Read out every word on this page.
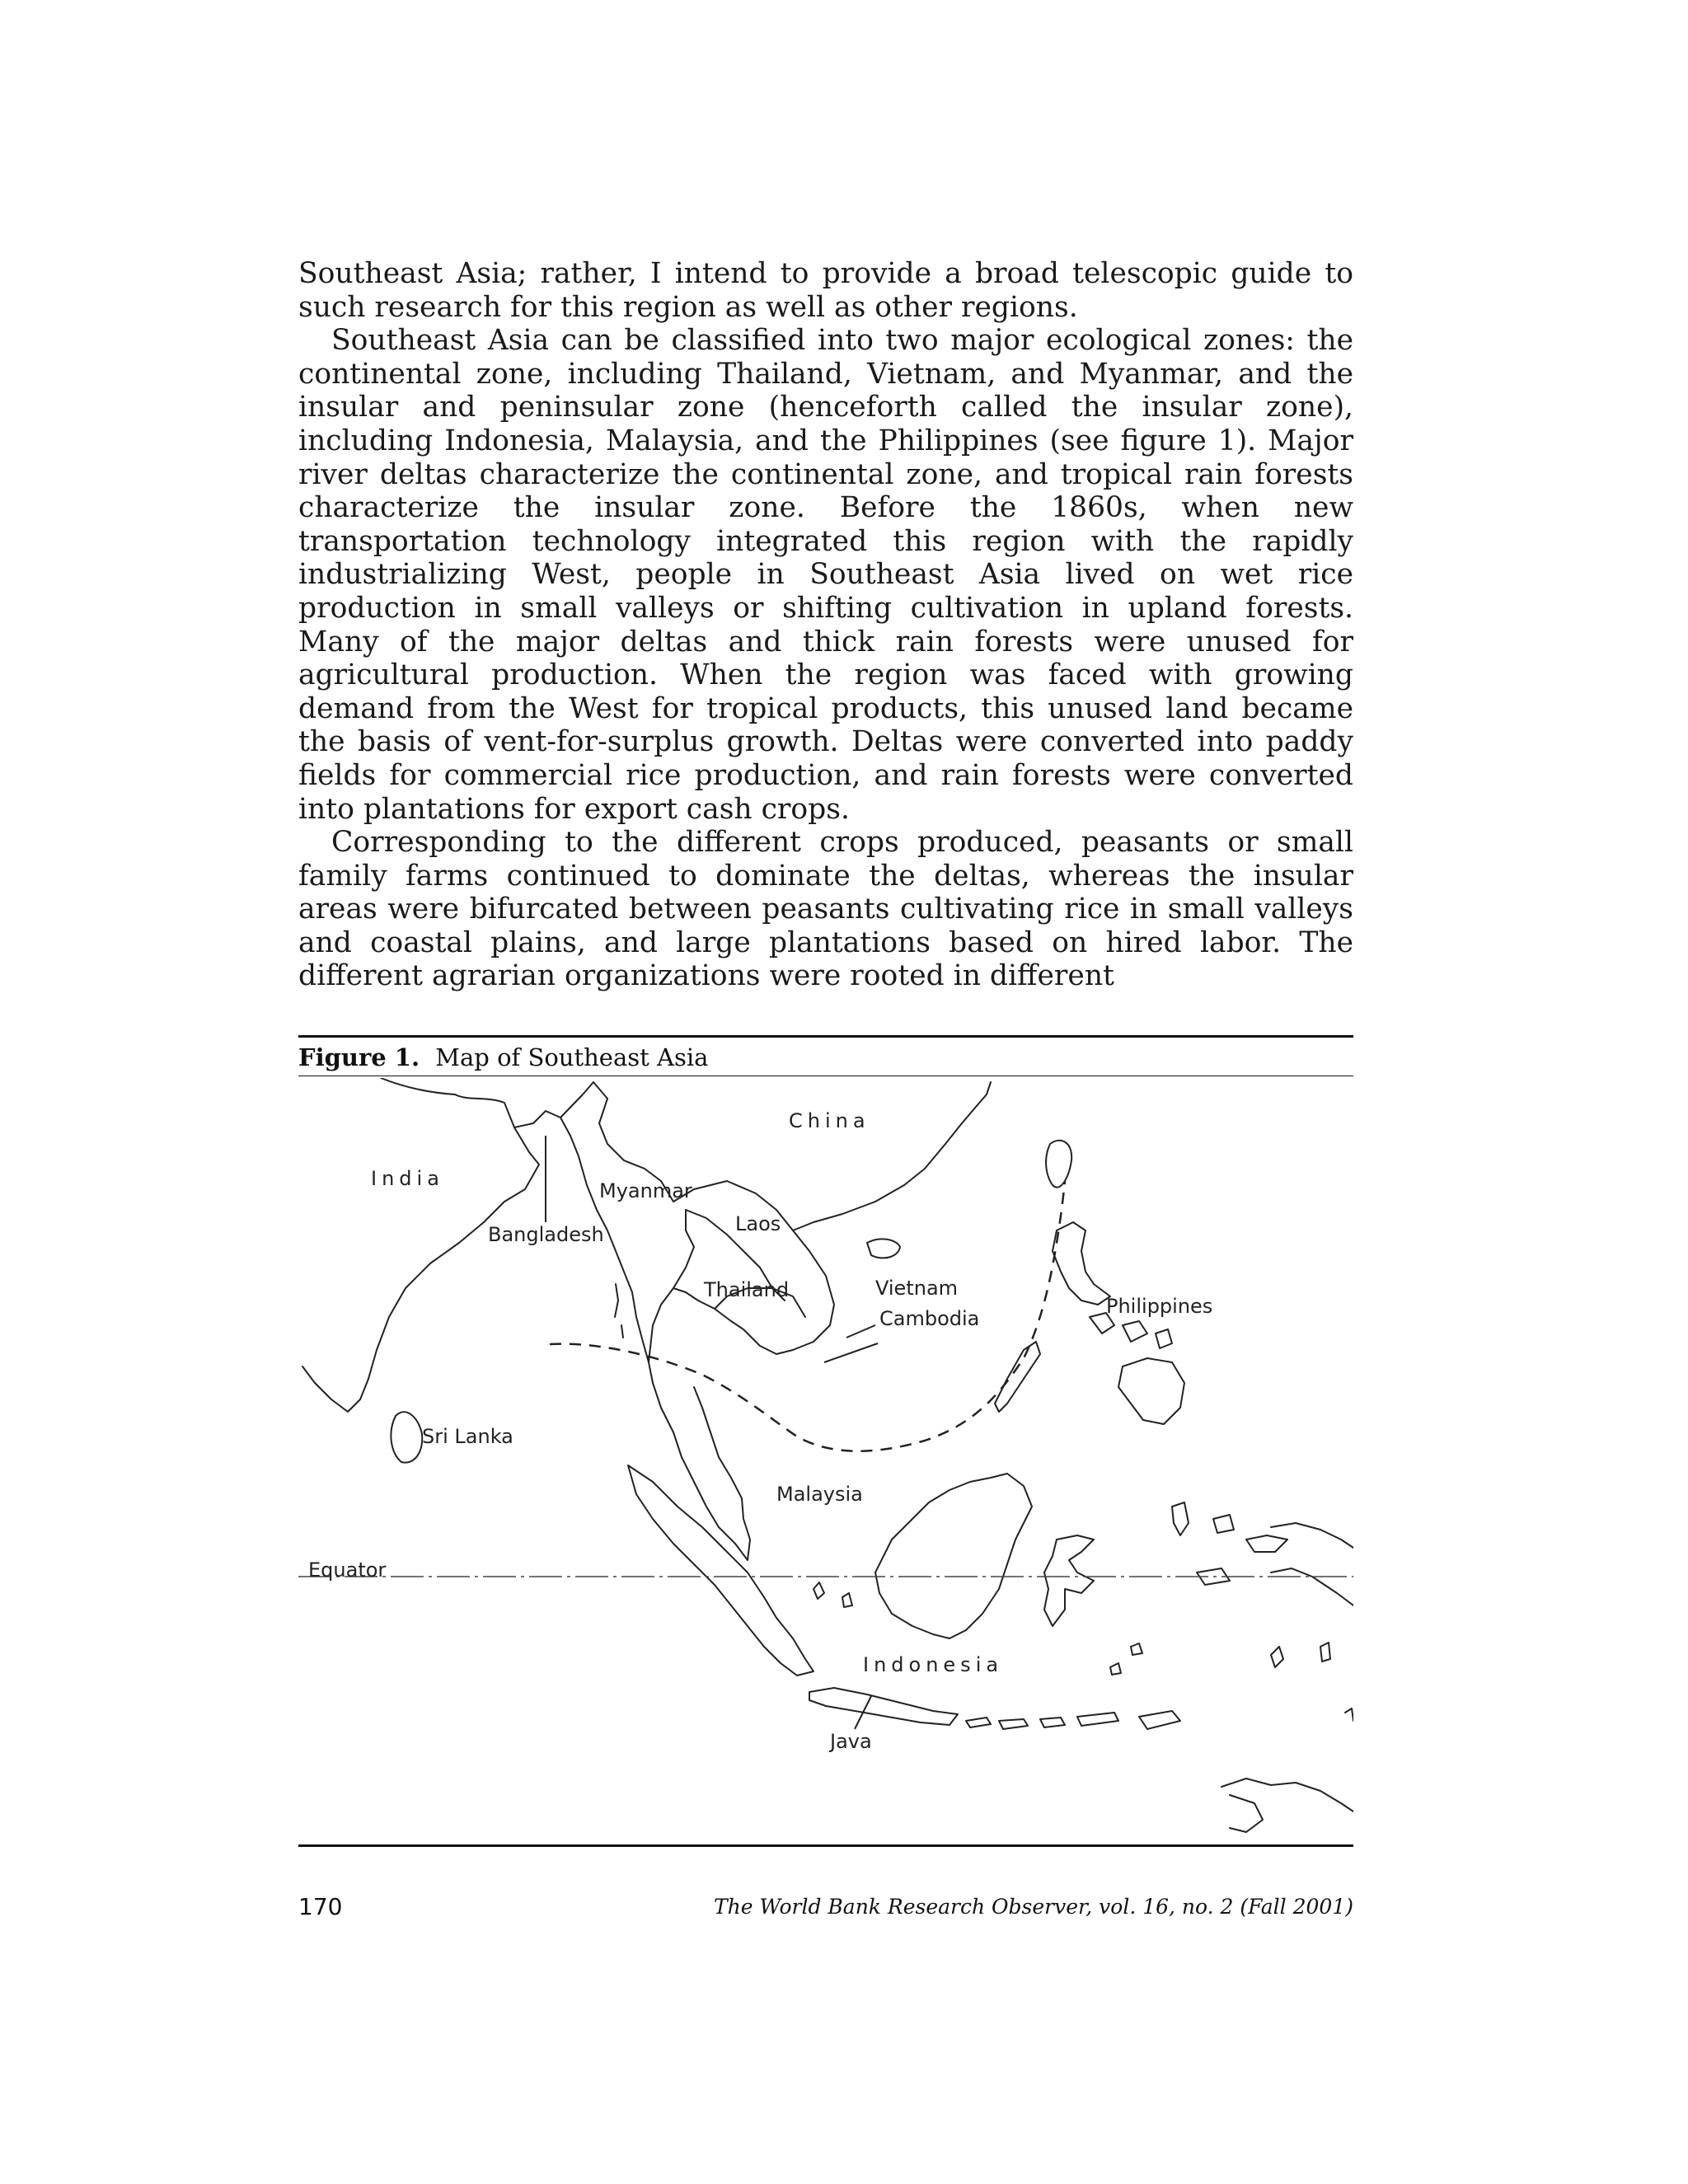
Southeast Asia; rather, I intend to provide a broad telescopic guide to such research for this region as well as other regions.

Southeast Asia can be classified into two major ecological zones: the continental zone, including Thailand, Vietnam, and Myanmar, and the insular and peninsular zone (henceforth called the insular zone), including Indonesia, Malaysia, and the Philippines (see figure 1). Major river deltas characterize the continental zone, and tropical rain forests characterize the insular zone. Before the 1860s, when new transportation technology integrated this region with the rapidly industrializing West, people in Southeast Asia lived on wet rice production in small valleys or shifting cultivation in upland forests. Many of the major deltas and thick rain forests were unused for agricultural production. When the region was faced with growing demand from the West for tropical products, this unused land became the basis of vent-for-surplus growth. Deltas were converted into paddy fields for commercial rice production, and rain forests were converted into plantations for export cash crops.

Corresponding to the different crops produced, peasants or small family farms continued to dominate the deltas, whereas the insular areas were bifurcated between peasants cultivating rice in small valleys and coastal plains, and large plantations based on hired labor. The different agrarian organizations were rooted in different

Figure 1. Map of Southeast Asia
India
China
Myanmar
Bangladesh	Laos
Thailand	Vietnam
Cambodia
Philippines
Sri Lanka
Malaysia
Equator
Indonesia
Java
170	The World Bank Research Observer, vol. 16, no. 2 (Fall 2001)
